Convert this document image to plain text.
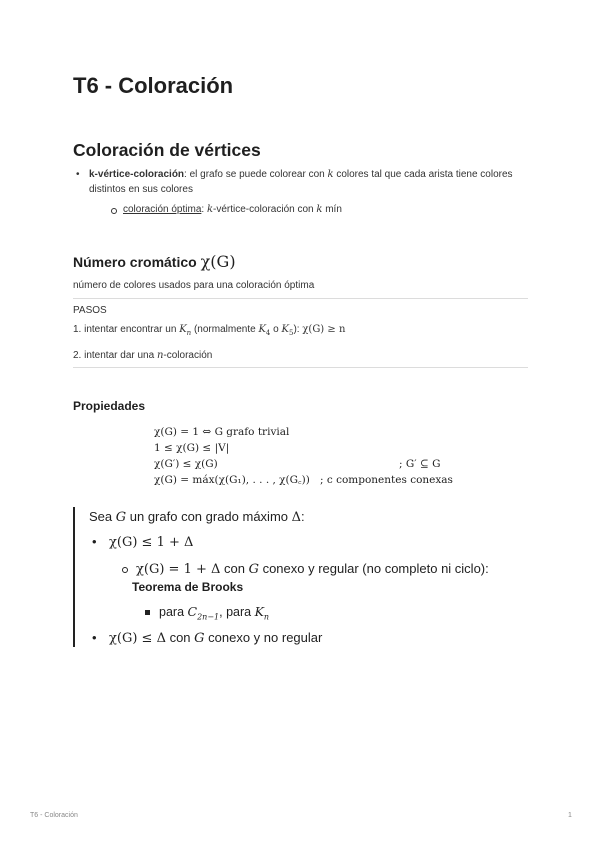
T6 - Coloración
Coloración de vértices
• k-vértice-coloración: el grafo se puede colorear con k colores tal que cada arista tiene colores distintos en sus colores
coloración óptima: k-vértice-coloración con k mín
Número cromático χ(G)
número de colores usados para una coloración óptima
PASOS
1. intentar encontrar un $K_n$ (normalmente $K_4$ o $K_5$): χ(G) ≥ n
2. intentar dar una n-coloración
Propiedades
χ(G) = 1 ⇔ G grafo trivial
1 ≤ χ(G) ≤ |V|
χ(G′) ≤ χ(G)	; G′ ⊆ G
χ(G) = máx(χ(G₁), . . . , χ(G꜀)) ; c componentes conexas
Sea G un grafo con grado máximo Δ:
• χ(G) ≤ 1 + Δ
χ(G) = 1 + Δ con G conexo y regular (no completo ni ciclo):
Teorema de Brooks
para $C_{2n-1}$, para $K_n$
• χ(G) ≤ Δ con G conexo y no regular
T6 - Coloración	1
